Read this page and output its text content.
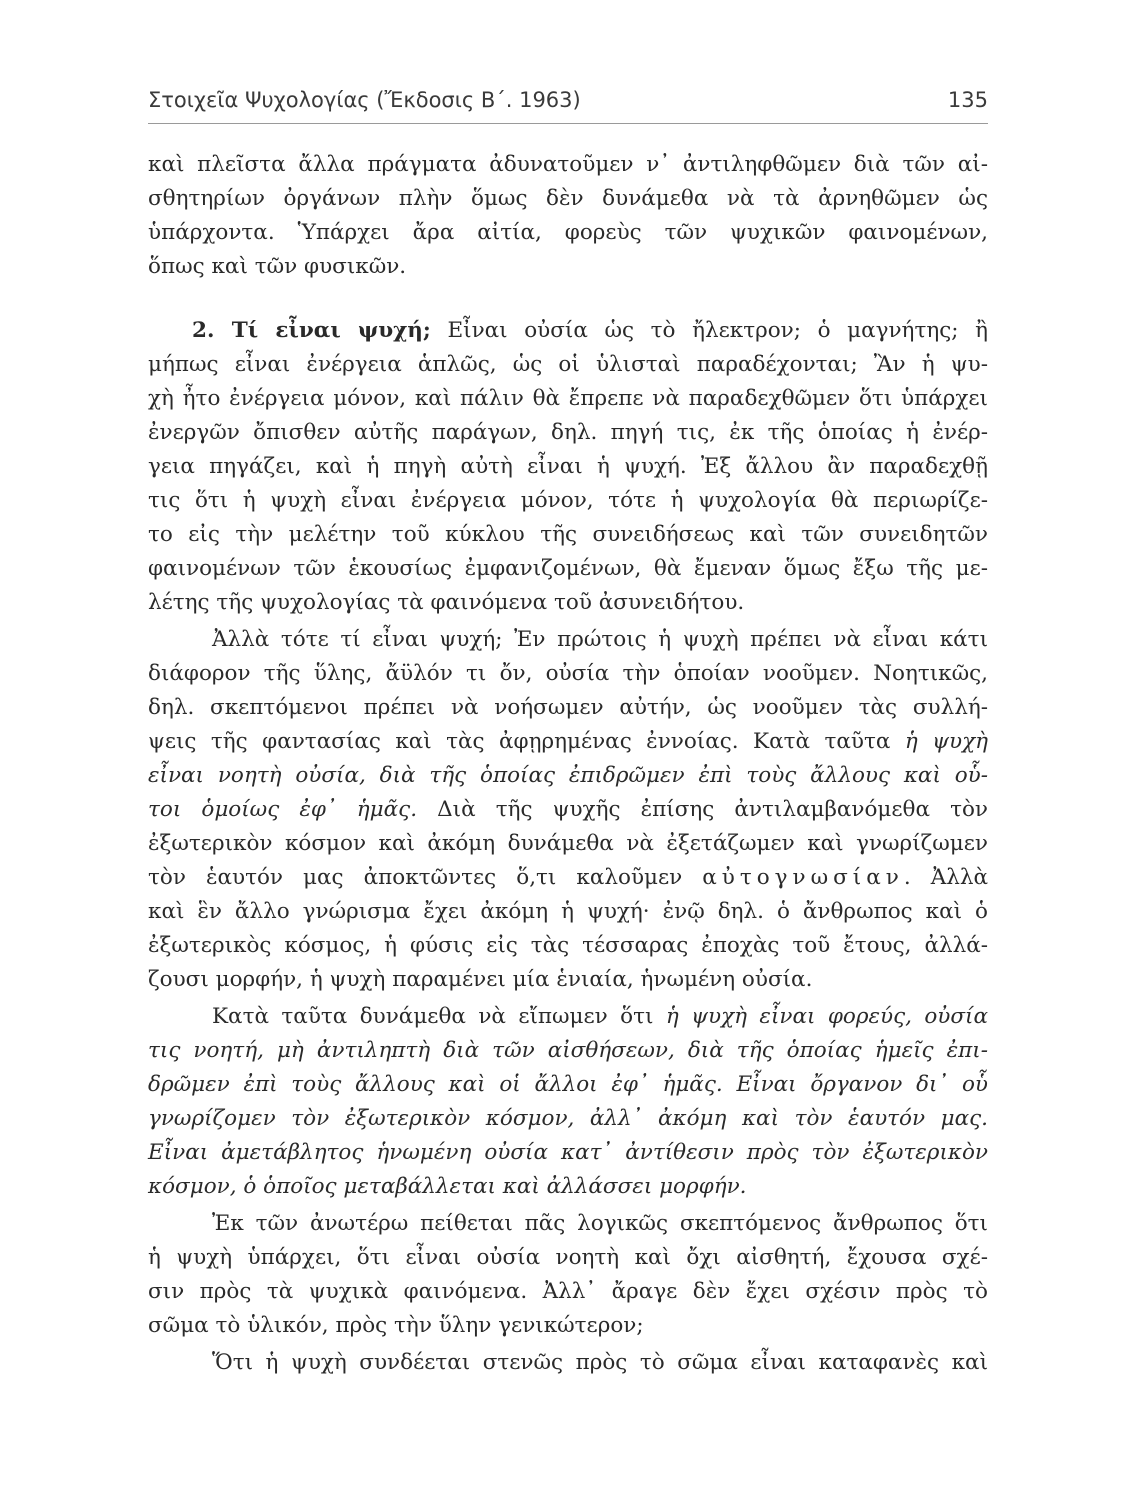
Στοιχεῖα Ψυχολογίας (Ἔκδοσις Β΄. 1963)	135
καὶ πλεῖστα ἄλλα πράγματα ἀδυνατοῦμεν ν᾿ ἀντιληφθῶμεν διὰ τῶν αἰ-
σθητηρίων ὀργάνων πλὴν ὅμως δὲν δυνάμεθα νὰ τὰ ἀρνηθῶμεν ὡς
ὑπάρχοντα. Ὑπάρχει ἄρα αἰτία, φορεὺς τῶν ψυχικῶν φαινομένων,
ὅπως καὶ τῶν φυσικῶν.
2. Τί εἶναι ψυχή; Εἶναι οὐσία ὡς τὸ ἤλεκτρον; ὁ μαγνήτης; ἢ
μήπως εἶναι ἐνέργεια ἁπλῶς, ὡς οἱ ὑλισταὶ παραδέχονται; Ἂν ἡ ψυ-
χὴ ἦτο ἐνέργεια μόνον, καὶ πάλιν θὰ ἔπρεπε νὰ παραδεχθῶμεν ὅτι ὑπάρχει
ἐνεργῶν ὄπισθεν αὐτῆς παράγων, δηλ. πηγή τις, ἐκ τῆς ὁποίας ἡ ἐνέρ-
γεια πηγάζει, καὶ ἡ πηγὴ αὐτὴ εἶναι ἡ ψυχή. Ἐξ ἄλλου ἂν παραδεχθῇ
τις ὅτι ἡ ψυχὴ εἶναι ἐνέργεια μόνον, τότε ἡ ψυχολογία θὰ περιωρίζε-
το εἰς τὴν μελέτην τοῦ κύκλου τῆς συνειδήσεως καὶ τῶν συνειδητῶν
φαινομένων τῶν ἑκουσίως ἐμφανιζομένων, θὰ ἔμεναν ὅμως ἔξω τῆς με-
λέτης τῆς ψυχολογίας τὰ φαινόμενα τοῦ ἀσυνειδήτου.
Ἀλλὰ τότε τί εἶναι ψυχή; Ἐν πρώτοις ἡ ψυχὴ πρέπει νὰ εἶναι κάτι
διάφορον τῆς ὕλης, ἄϋλόν τι ὄν, οὐσία τὴν ὁποίαν νοοῦμεν. Νοητικῶς,
δηλ. σκεπτόμενοι πρέπει νὰ νοήσωμεν αὐτήν, ὡς νοοῦμεν τὰς συλλή-
ψεις τῆς φαντασίας καὶ τὰς ἀφῃρημένας ἐννοίας. Κατὰ ταῦτα ἡ ψυχὴ
εἶναι νοητὴ οὐσία, διὰ τῆς ὁποίας ἐπιδρῶμεν ἐπὶ τοὺς ἄλλους καὶ οὗ-
τοι ὁμοίως ἐφ᾿ ἡμᾶς. Διὰ τῆς ψυχῆς ἐπίσης ἀντιλαμβανόμεθα τὸν
ἐξωτερικὸν κόσμον καὶ ἀκόμη δυνάμεθα νὰ ἐξετάζωμεν καὶ γνωρίζωμεν
τὸν ἑαυτόν μας ἀποκτῶντες ὅ,τι καλοῦμεν αὐτογνωσίαν. Ἀλλὰ
καὶ ἓν ἄλλο γνώρισμα ἔχει ἀκόμη ἡ ψυχή· ἐνῷ δηλ. ὁ ἄνθρωπος καὶ ὁ
ἐξωτερικὸς κόσμος, ἡ φύσις εἰς τὰς τέσσαρας ἐποχὰς τοῦ ἔτους, ἀλλά-
ζουσι μορφήν, ἡ ψυχὴ παραμένει μία ἑνιαία, ἡνωμένη οὐσία.
Κατὰ ταῦτα δυνάμεθα νὰ εἴπωμεν ὅτι ἡ ψυχὴ εἶναι φορεύς, οὐσία
τις νοητή, μὴ ἀντιληπτὴ διὰ τῶν αἰσθήσεων, διὰ τῆς ὁποίας ἡμεῖς ἐπι-
δρῶμεν ἐπὶ τοὺς ἄλλους καὶ οἱ ἄλλοι ἐφ᾿ ἡμᾶς. Εἶναι ὄργανον δι᾿ οὗ
γνωρίζομεν τὸν ἐξωτερικὸν κόσμον, ἀλλ᾿ ἀκόμη καὶ τὸν ἑαυτόν μας.
Εἶναι ἀμετάβλητος ἡνωμένη οὐσία κατ᾿ ἀντίθεσιν πρὸς τὸν ἐξωτερικὸν
κόσμον, ὁ ὁποῖος μεταβάλλεται καὶ ἀλλάσσει μορφήν.
Ἐκ τῶν ἀνωτέρω πείθεται πᾶς λογικῶς σκεπτόμενος ἄνθρωπος ὅτι
ἡ ψυχὴ ὑπάρχει, ὅτι εἶναι οὐσία νοητὴ καὶ ὄχι αἰσθητή, ἔχουσα σχέ-
σιν πρὸς τὰ ψυχικὰ φαινόμενα. Ἀλλ᾿ ἄραγε δὲν ἔχει σχέσιν πρὸς τὸ
σῶμα τὸ ὑλικόν, πρὸς τὴν ὕλην γενικώτερον;
Ὅτι ἡ ψυχὴ συνδέεται στενῶς πρὸς τὸ σῶμα εἶναι καταφανὲς καὶ
